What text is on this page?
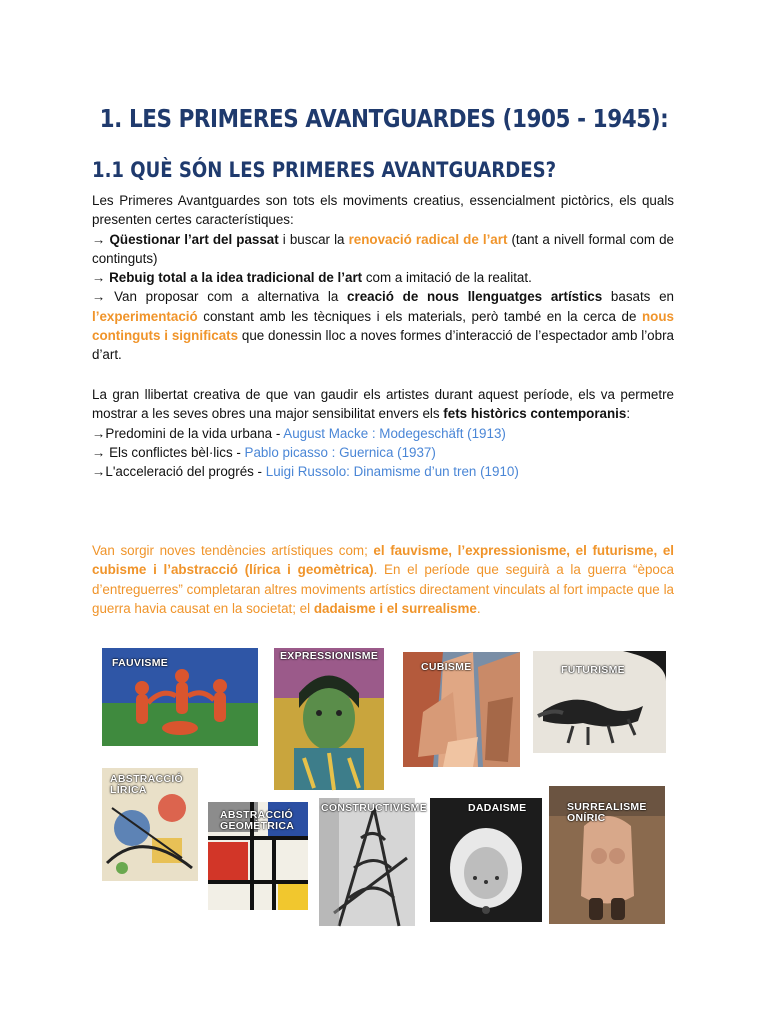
1. LES PRIMERES AVANTGUARDES (1905 - 1945):
1.1 QUÈ SÓN LES PRIMERES AVANTGUARDES?

Les Primeres Avantguardes son tots els moviments creatius, essencialment pictòrics, els quals presenten certes característiques:

→ Qüestionar l’art del passat i buscar la renovació radical de l’art (tant a nivell formal com de continguts)

→ Rebuig total a la idea tradicional de l’art com a imitació de la realitat.

→ Van proposar com a alternativa la creació de nous llenguatges artístics basats en l’experimentació constant amb les tècniques i els materials, però també en la cerca de nous continguts i significats que donessin lloc a noves formes d’interacció de l’espectador amb l’obra d’art.

La gran llibertat creativa de que van gaudir els artistes durant aquest període, els va permetre mostrar a les seves obres una major sensibilitat envers els fets històrics contemporanis:

→Predomini de la vida urbana - August Macke : Modegeschäft (1913)

→ Els conflictes bèl·lics - Pablo picasso : Guernica (1937)

→L'acceleració del progrés - Luigi Russolo: Dinamisme d’un tren (1910)

Van sorgir noves tendències artístiques com; el fauvisme, l’expressionisme, el futurisme, el cubisme i l’abstracció (lírica i geomètrica). En el període que seguirà a la guerra “època d’entreguerres” completaran altres moviments artístics directament vinculats al fort impacte que la guerra havia causat en la societat; el dadaisme i el surrealisme.

FAUVISME
EXPRESSIONISME
CUBISME	FUTURISME
ABSTRACCIÓ
LÍRICA
ABSTRACCIÓ
GEOMÈTRICA
CONSTRUCTIVISME	DADAISME	SURREALISME
ONÍRIC
